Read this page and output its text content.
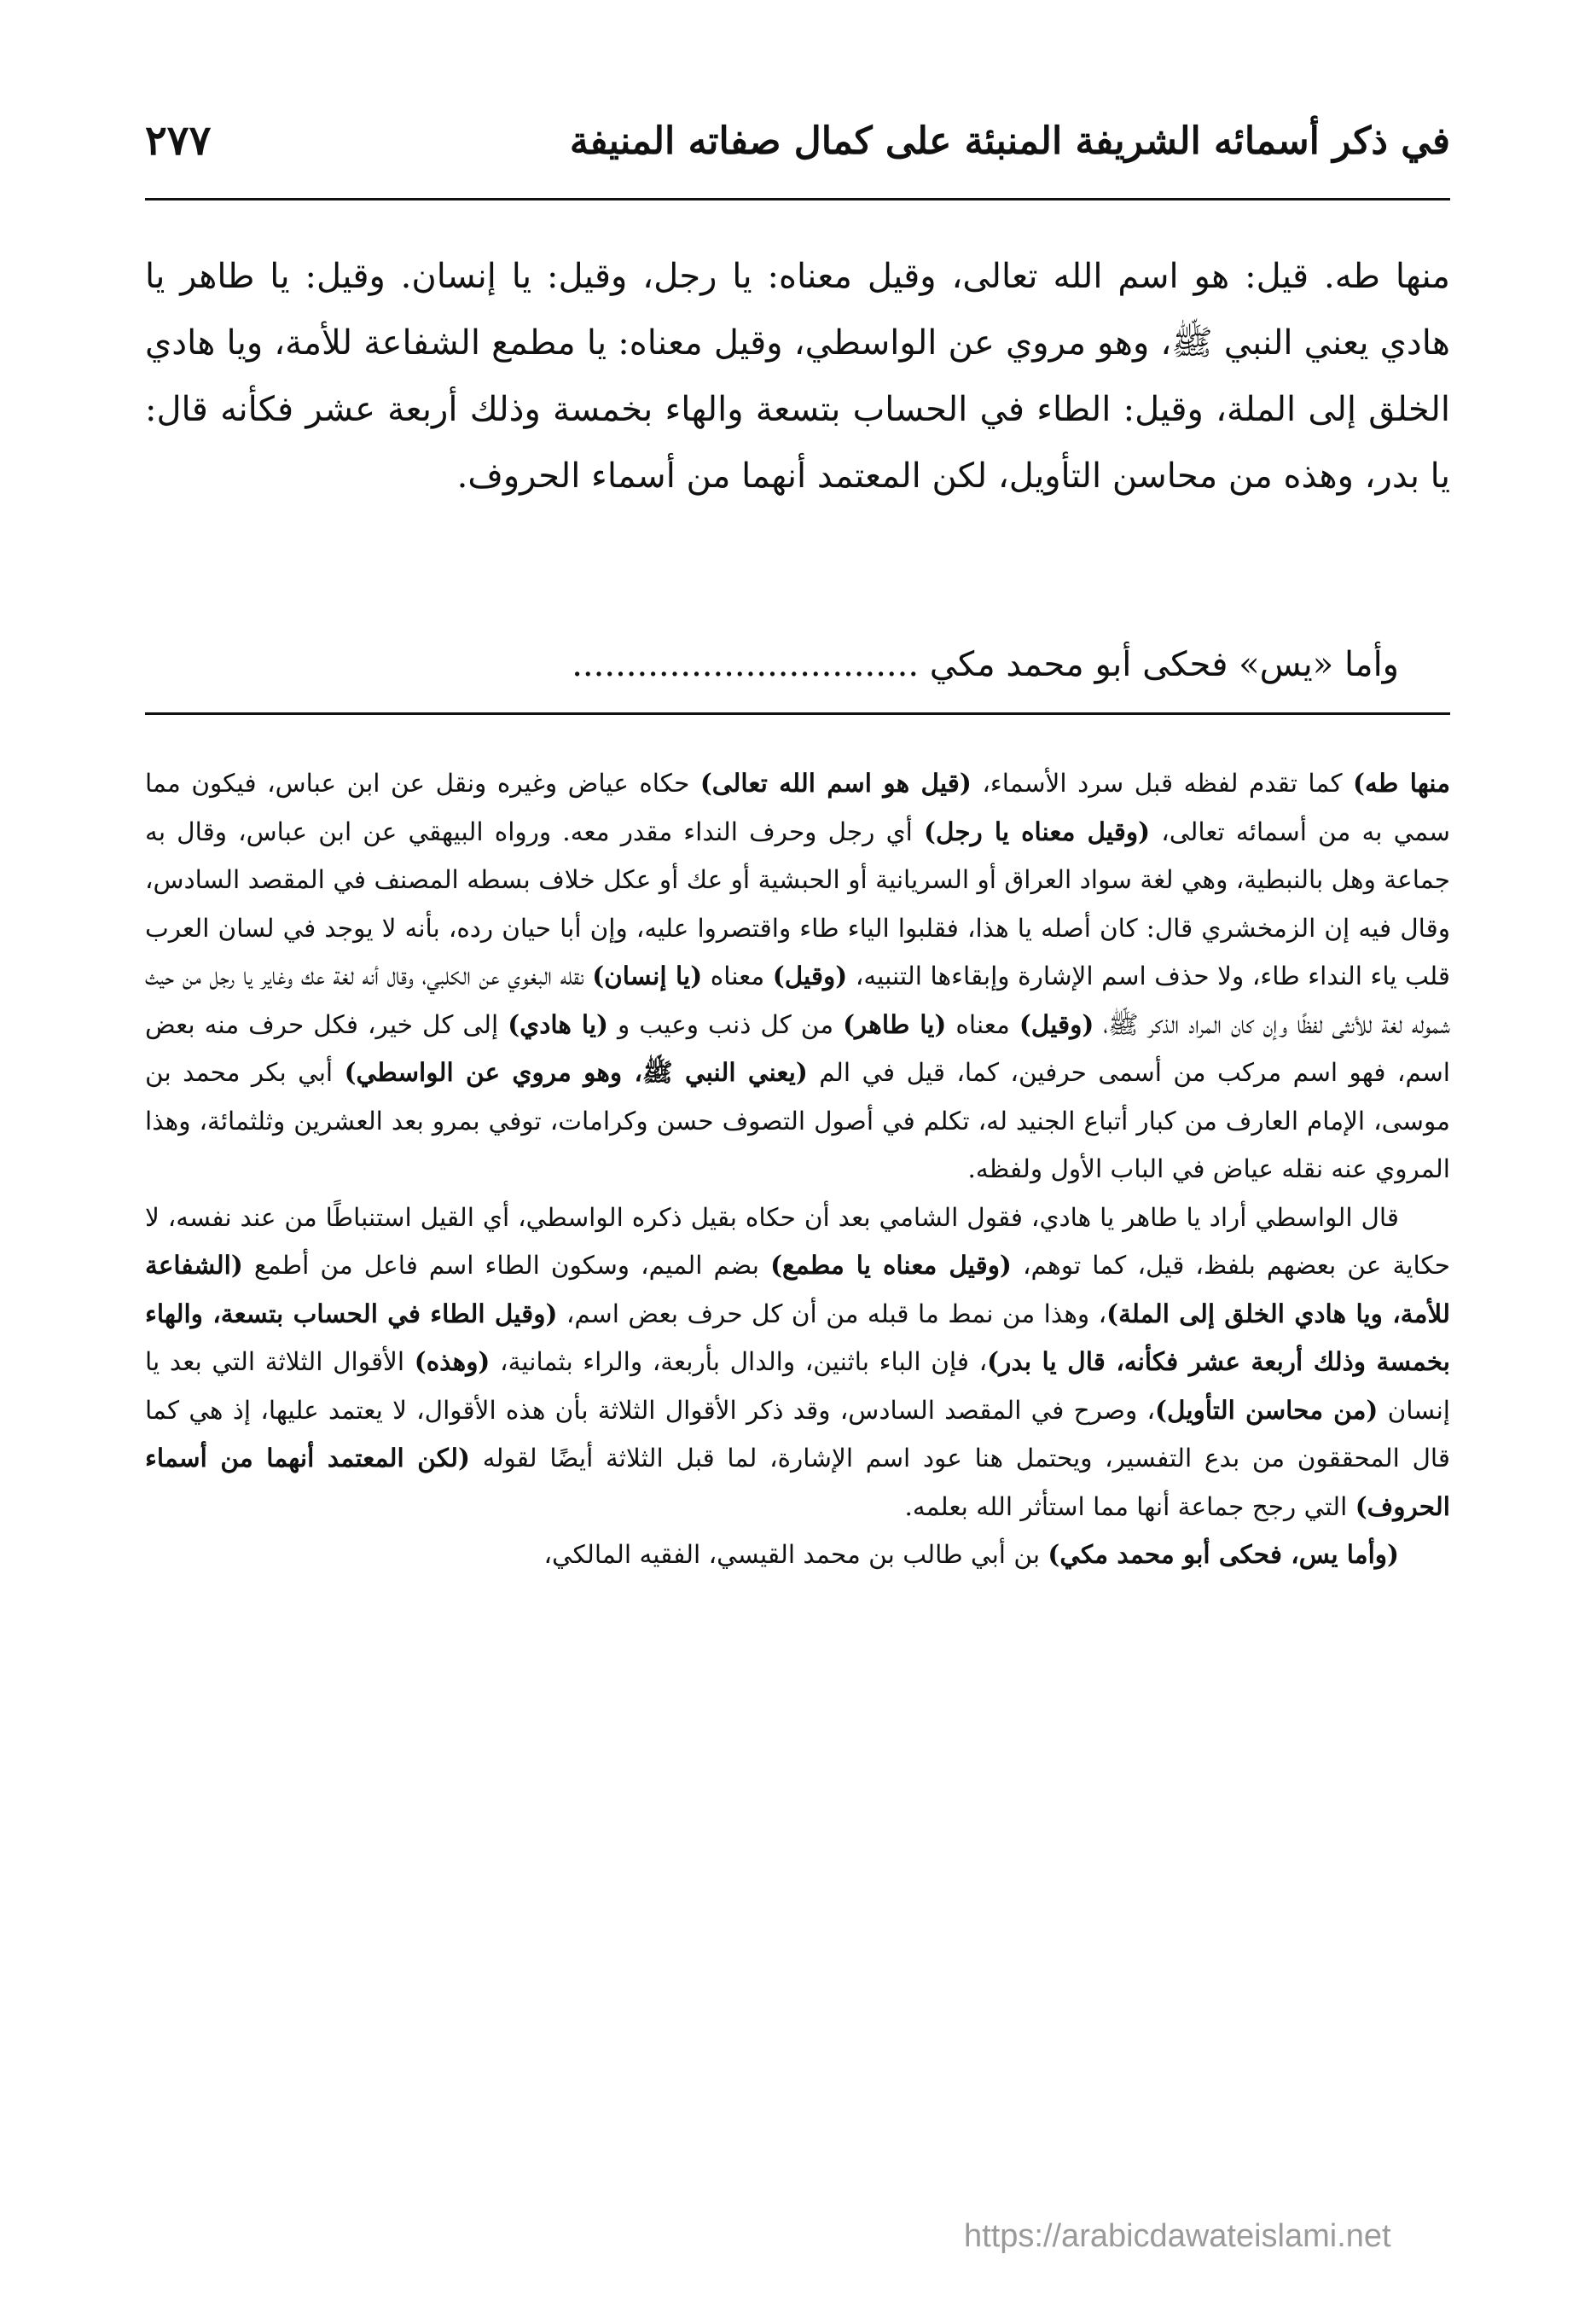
في ذكر أسمائه الشريفة المنبئة على كمال صفاته المنيفة
٢٧٧
منها طه. قيل: هو اسم الله تعالى، وقيل معناه: يا رجل، وقيل: يا إنسان. وقيل: يا طاهر يا هادي يعني النبي ﷺ، وهو مروي عن الواسطي، وقيل معناه: يا مطمع الشفاعة للأمة، ويا هادي الخلق إلى الملة، وقيل: الطاء في الحساب بتسعة والهاء بخمسة وذلك أربعة عشر فكأنه قال: يا بدر، وهذه من محاسن التأويل، لكن المعتمد أنهما من أسماء الحروف.
وأما «يس» فحكى أبو محمد مكي ................................

منها طه) كما تقدم لفظه قبل سرد الأسماء، (قيل هو اسم الله تعالى) حكاه عياض وغيره ونقل عن ابن عباس، فيكون مما سمي به من أسمائه تعالى، (وقيل معناه يا رجل) أي رجل وحرف النداء مقدر معه. ورواه البيهقي عن ابن عباس، وقال به جماعة وهل بالنبطية، وهي لغة سواد العراق أو السريانية أو الحبشية أو عك أو عكل خلاف بسطه المصنف في المقصد السادس، وقال فيه إن الزمخشري قال: كان أصله يا هذا، فقلبوا الياء طاء واقتصروا عليه، وإن أبا حيان رده، بأنه لا يوجد في لسان العرب قلب ياء النداء طاء، ولا حذف اسم الإشارة وإبقاءها التنبيه، (وقيل) معناه (يا إنسان) نقله البغوي عن الكلبي، وقال أنه لغة عك وغاير يا رجل من حيث شموله لغة للأنثى لفظًا وإن كان المراد الذكر ﷺ، (وقيل) معناه (يا طاهر) من كل ذنب وعيب و (يا هادي) إلى كل خير، فكل حرف منه بعض اسم، فهو اسم مركب من أسمى حرفين، كما، قيل في الم (يعني النبي ﷺ، وهو مروي عن الواسطي) أبي بكر محمد بن موسى، الإمام العارف من كبار أتباع الجنيد له، تكلم في أصول التصوف حسن وكرامات، توفي بمرو بعد العشرين وثلثمائة، وهذا المروي عنه نقله عياض في الباب الأول ولفظه.

قال الواسطي أراد يا طاهر يا هادي، فقول الشامي بعد أن حكاه بقيل ذكره الواسطي، أي القيل استنباطًا من عند نفسه، لا حكاية عن بعضهم بلفظ، قيل، كما توهم، (وقيل معناه يا مطمع) بضم الميم، وسكون الطاء اسم فاعل من أطمع (الشفاعة للأمة، ويا هادي الخلق إلى الملة)، وهذا من نمط ما قبله من أن كل حرف بعض اسم، (وقيل الطاء في الحساب بتسعة، والهاء بخمسة وذلك أربعة عشر فكأنه، قال يا بدر)، فإن الباء باثنين، والدال بأربعة، والراء بثمانية، (وهذه) الأقوال الثلاثة التي بعد يا إنسان (من محاسن التأويل)، وصرح في المقصد السادس، وقد ذكر الأقوال الثلاثة بأن هذه الأقوال، لا يعتمد عليها، إذ هي كما قال المحققون من بدع التفسير، ويحتمل هنا عود اسم الإشارة، لما قبل الثلاثة أيضًا لقوله (لكن المعتمد أنهما من أسماء الحروف) التي رجح جماعة أنها مما استأثر الله بعلمه.

(وأما يس، فحكى أبو محمد مكي) بن أبي طالب بن محمد القيسي، الفقيه المالكي،

https://arabicdawateislami.net
